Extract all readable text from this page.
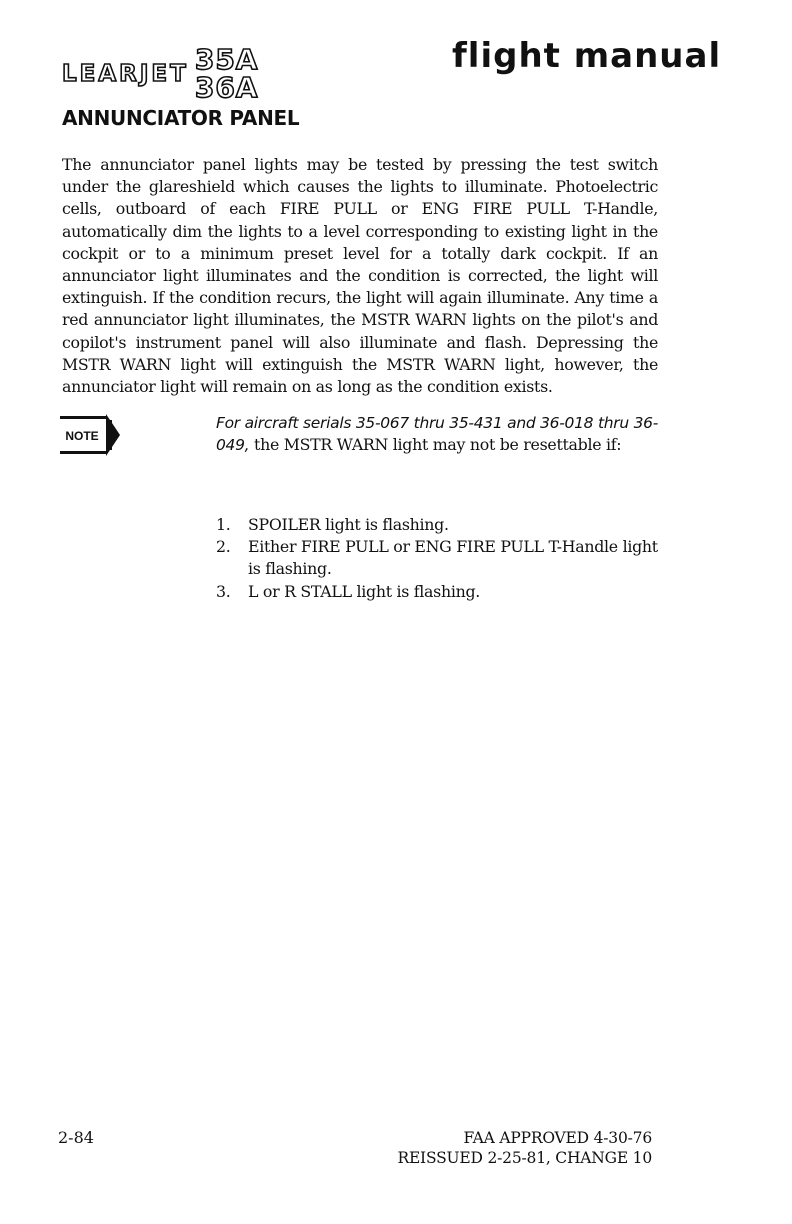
LEARJET 35A
36A
flight manual
ANNUNCIATOR PANEL
The annunciator panel lights may be tested by pressing the test switch under the glareshield which causes the lights to illuminate. Photoelectric cells, outboard of each FIRE PULL or ENG FIRE PULL T-Handle, automatically dim the lights to a level corresponding to existing light in the cockpit or to a minimum preset level for a totally dark cockpit. If an annunciator light illuminates and the condition is corrected, the light will extinguish. If the condition recurs, the light will again illuminate. Any time a red annunciator light illuminates, the MSTR WARN lights on the pilot's and copilot's instrument panel will also illuminate and flash. Depressing the MSTR WARN light will extinguish the MSTR WARN light, however, the annunciator light will remain on as long as the condition exists.
NOTE
For aircraft serials 35-067 thru 35-431 and 36-018 thru 36-049, the MSTR WARN light may not be resettable if:
1.	SPOILER light is flashing.
2.	Either FIRE PULL or ENG FIRE PULL T-Handle light is flashing.
3.	L or R STALL light is flashing.
2-84	FAA APPROVED 4-30-76
REISSUED 2-25-81, CHANGE 10
